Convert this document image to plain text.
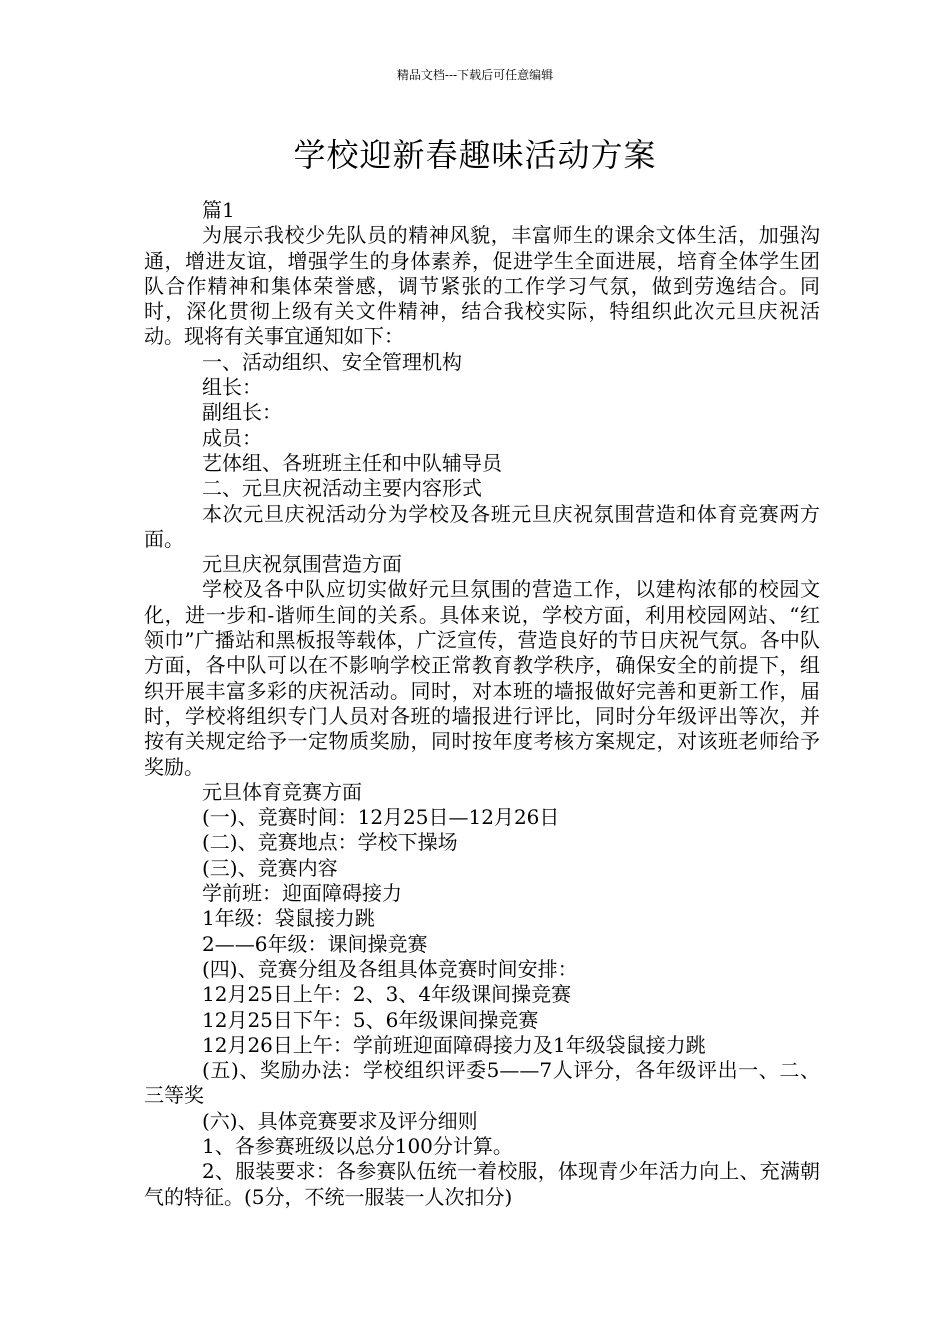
精品文档---下载后可任意编辑
学校迎新春趣味活动方案

篇1

为展示我校少先队员的精神风貌，丰富师生的课余文体生活，加强沟通，增进友谊，增强学生的身体素养，促进学生全面进展，培育全体学生团队合作精神和集体荣誉感，调节紧张的工作学习气氛，做到劳逸结合。同时，深化贯彻上级有关文件精神，结合我校实际，特组织此次元旦庆祝活动。现将有关事宜通知如下：

一、活动组织、安全管理机构

组长：

副组长：

成员：

艺体组、各班班主任和中队辅导员

二、元旦庆祝活动主要内容形式

本次元旦庆祝活动分为学校及各班元旦庆祝氛围营造和体育竞赛两方面。

元旦庆祝氛围营造方面

学校及各中队应切实做好元旦氛围的营造工作，以建构浓郁的校园文化，进一步和-谐师生间的关系。具体来说，学校方面，利用校园网站、“红领巾”广播站和黑板报等载体，广泛宣传，营造良好的节日庆祝气氛。各中队方面，各中队可以在不影响学校正常教育教学秩序，确保安全的前提下，组织开展丰富多彩的庆祝活动。同时，对本班的墙报做好完善和更新工作，届时，学校将组织专门人员对各班的墙报进行评比，同时分年级评出等次，并按有关规定给予一定物质奖励，同时按年度考核方案规定，对该班老师给予奖励。

元旦体育竞赛方面

(一)、竞赛时间：12月25日—12月26日

(二)、竞赛地点：学校下操场

(三)、竞赛内容

学前班：迎面障碍接力

1年级：袋鼠接力跳

2——6年级：课间操竞赛

(四)、竞赛分组及各组具体竞赛时间安排：

12月25日上午：2、3、4年级课间操竞赛

12月25日下午：5、6年级课间操竞赛

12月26日上午：学前班迎面障碍接力及1年级袋鼠接力跳

(五)、奖励办法：学校组织评委5——7人评分，各年级评出一、二、三等奖

(六)、具体竞赛要求及评分细则

1、各参赛班级以总分100分计算。

2、服装要求：各参赛队伍统一着校服，体现青少年活力向上、充满朝气的特征。(5分，不统一服装一人次扣分)
